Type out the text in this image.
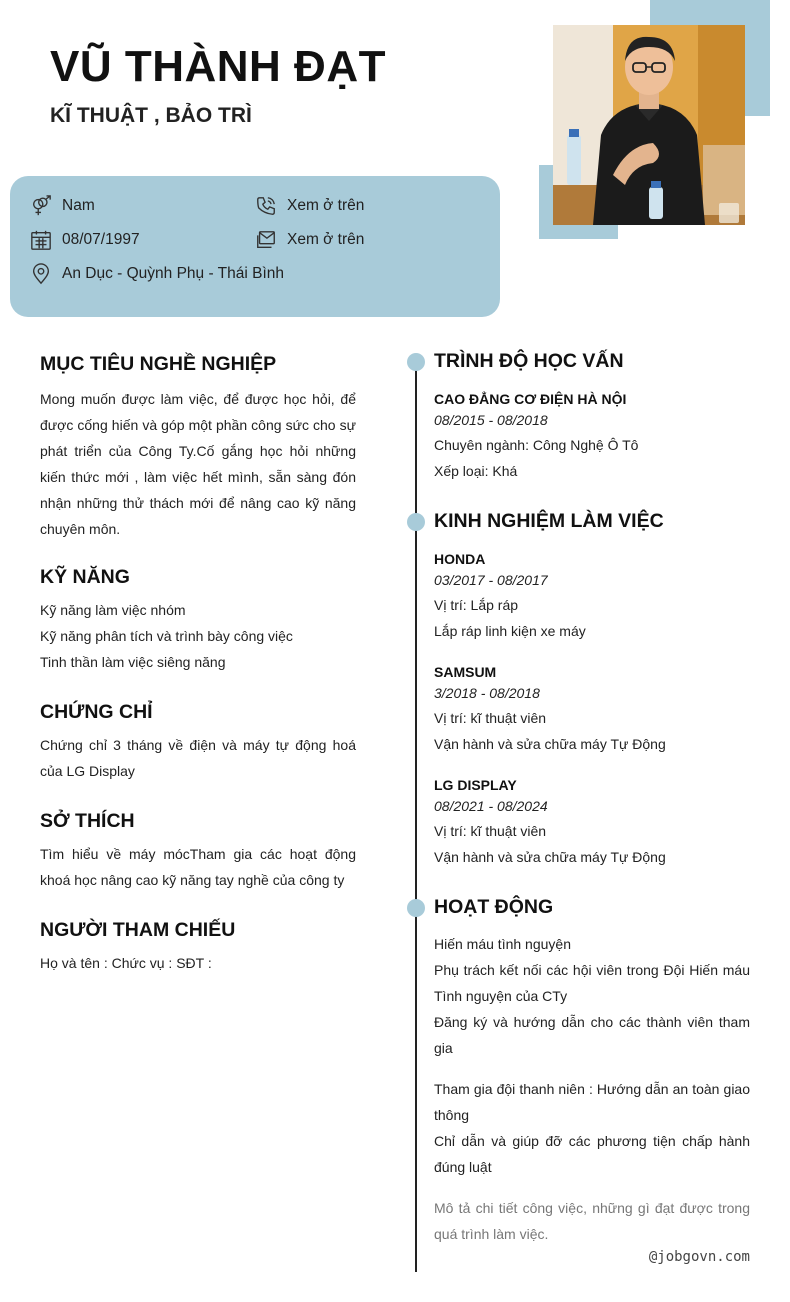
VŨ THÀNH ĐẠT
KĨ THUẬT , BẢO TRÌ
Nam
08/07/1997
An Dục - Quỳnh Phụ - Thái Bình
Xem ở trên
Xem ở trên
MỤC TIÊU NGHỀ NGHIỆP
Mong muốn được làm việc, để được học hỏi, để được cống hiến và góp một phần công sức cho sự phát triển của Công Ty.Cố gắng học hỏi những kiến thức mới , làm việc hết mình, sẵn sàng đón nhận những thử thách mới để nâng cao kỹ năng chuyên môn.
KỸ NĂNG
Kỹ năng làm việc nhóm
Kỹ năng phân tích và trình bày công việc
Tinh thần làm việc siêng năng
CHỨNG CHỈ
Chứng chỉ 3 tháng về điện và máy tự động hoá của LG Display
SỞ THÍCH
Tìm hiểu về máy mócTham gia các hoạt động khoá học nâng cao kỹ năng tay nghề của công ty
NGƯỜI THAM CHIẾU
Họ và tên : Chức vụ : SĐT :
TRÌNH ĐỘ HỌC VẤN
CAO ĐẲNG CƠ ĐIỆN HÀ NỘI
08/2015 - 08/2018
Chuyên ngành: Công Nghệ Ô Tô
Xếp loại: Khá
KINH NGHIỆM LÀM VIỆC
HONDA
03/2017 - 08/2017
Vị trí: Lắp ráp
Lắp ráp linh kiện xe máy
SAMSUM
3/2018 - 08/2018
Vị trí: kĩ thuật viên
Vận hành và sửa chữa máy Tự Động
LG DISPLAY
08/2021 - 08/2024
Vị trí: kĩ thuật viên
Vận hành và sửa chữa máy Tự Động
HOẠT ĐỘNG
Hiến máu tình nguyện
Phụ trách kết nối các hội viên trong Đội Hiến máu Tình nguyện của CTy
Đăng ký và hướng dẫn cho các thành viên tham gia
Tham gia đội thanh niên : Hướng dẫn an toàn giao thông
Chỉ dẫn và giúp đỡ các phương tiện chấp hành đúng luật
Mô tả chi tiết công việc, những gì đạt được trong quá trình làm việc.
@jobgovn.com
